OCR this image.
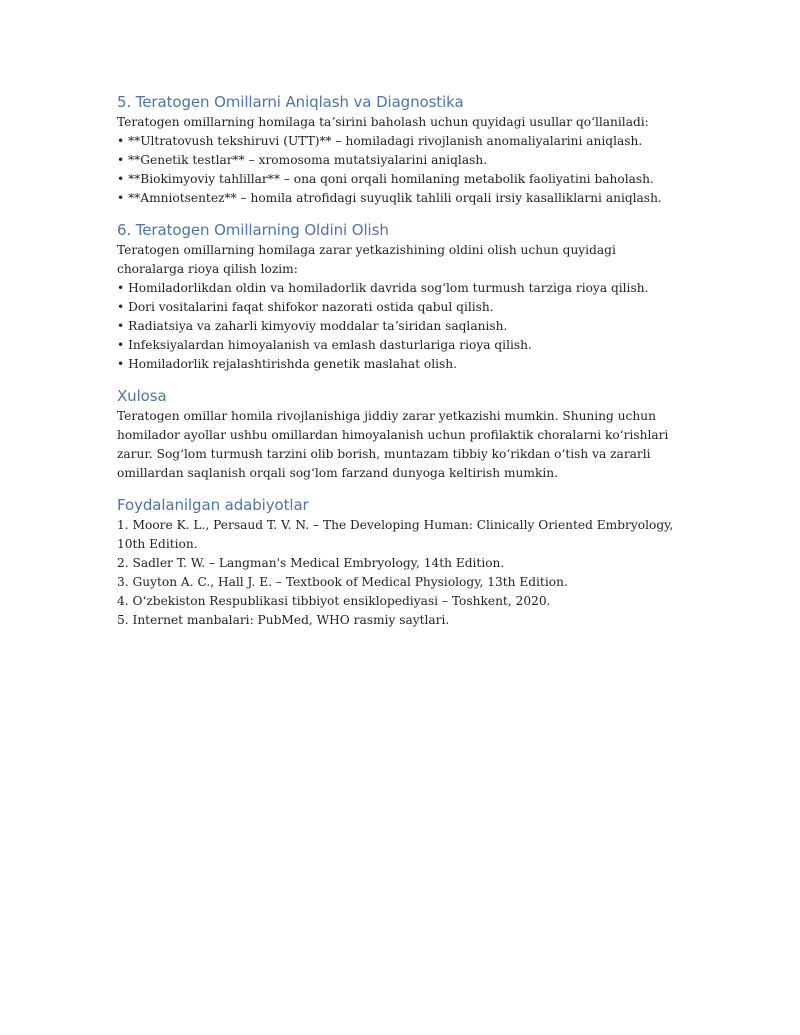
5. Teratogen Omillarni Aniqlash va Diagnostika

Teratogen omillarning homilaga taʼsirini baholash uchun quyidagi usullar qoʻllaniladi:

• **Ultratovush tekshiruvi (UTT)** – homiladagi rivojlanish anomaliyalarini aniqlash.
• **Genetik testlar** – xromosoma mutatsiyalarini aniqlash.
• **Biokimyoviy tahlillar** – ona qoni orqali homilaning metabolik faoliyatini baholash.
• **Amniotsentez** – homila atrofidagi suyuqlik tahlili orqali irsiy kasalliklarni aniqlash.
6. Teratogen Omillarning Oldini Olish

Teratogen omillarning homilaga zarar yetkazishining oldini olish uchun quyidagi choralarga rioya qilish lozim:

• Homiladorlikdan oldin va homiladorlik davrida sogʻlom turmush tarziga rioya qilish.
• Dori vositalarini faqat shifokor nazorati ostida qabul qilish.
• Radiatsiya va zaharli kimyoviy moddalar taʼsiridan saqlanish.
• Infeksiyalardan himoyalanish va emlash dasturlariga rioya qilish.
• Homiladorlik rejalashtirishda genetik maslahat olish.
Xulosa

Teratogen omillar homila rivojlanishiga jiddiy zarar yetkazishi mumkin. Shuning uchun homilador ayollar ushbu omillardan himoyalanish uchun profilaktik choralarni koʻrishlari zarur. Sogʻlom turmush tarzini olib borish, muntazam tibbiy koʻrikdan oʻtish va zararli omillardan saqlanish orqali sogʻlom farzand dunyoga keltirish mumkin.

Foydalanilgan adabiyotlar
1. Moore K. L., Persaud T. V. N. – The Developing Human: Clinically Oriented Embryology, 10th Edition.
2. Sadler T. W. – Langman's Medical Embryology, 14th Edition.
3. Guyton A. C., Hall J. E. – Textbook of Medical Physiology, 13th Edition.
4. Oʻzbekiston Respublikasi tibbiyot ensiklopediyasi – Toshkent, 2020.
5. Internet manbalari: PubMed, WHO rasmiy saytlari.
